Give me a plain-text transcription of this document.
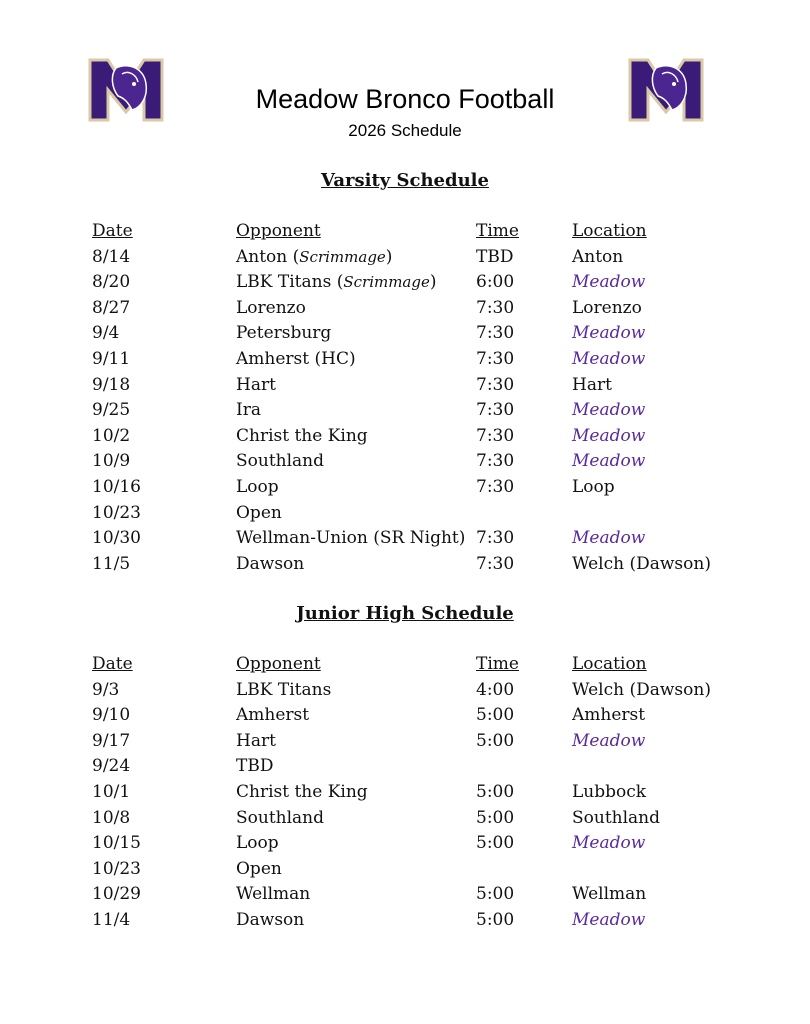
Meadow Bronco Football
2026 Schedule
Varsity Schedule
Date	Opponent	Time	Location
8/14	Anton (Scrimmage)	TBD	Anton
8/20	LBK Titans (Scrimmage) 6:00	Meadow
8/27	Lorenzo	7:30	Lorenzo
9/4	Petersburg	7:30	Meadow
9/11	Amherst (HC)	7:30	Meadow
9/18	Hart	7:30	Hart
9/25	Ira	7:30	Meadow
10/2	Christ the King	7:30	Meadow
10/9	Southland	7:30	Meadow
10/16	Loop	7:30	Loop
10/23	Open
10/30	Wellman-Union (SR Night) 7:30	Meadow
11/5	Dawson	7:30	Welch (Dawson)
Junior High Schedule
Date	Opponent	Time	Location
9/3	LBK Titans	4:00	Welch (Dawson)
9/10	Amherst	5:00	Amherst
9/17	Hart	5:00	Meadow
9/24	TBD
10/1	Christ the King	5:00	Lubbock
10/8	Southland	5:00	Southland
10/15	Loop	5:00	Meadow
10/23	Open
10/29	Wellman	5:00	Wellman
11/4	Dawson	5:00	Meadow
